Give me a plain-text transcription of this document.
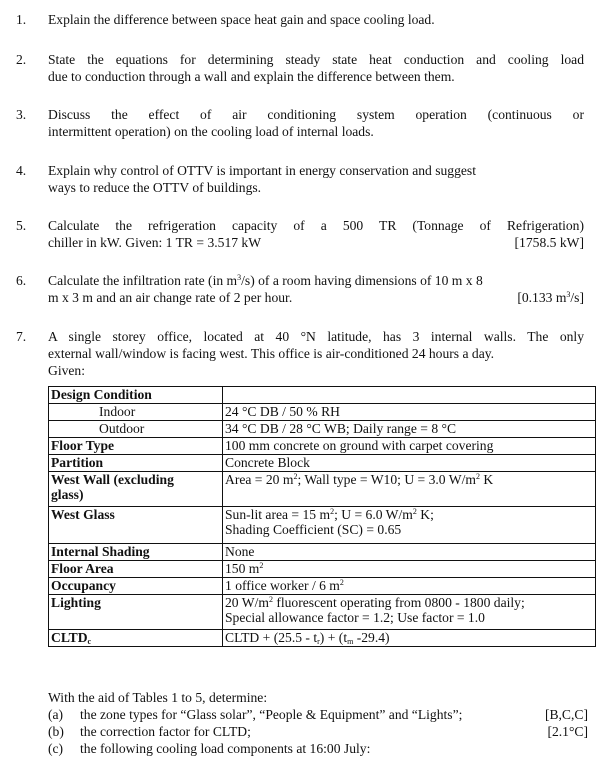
1.	Explain the difference between space heat gain and space cooling load.
2.	State the equations for determining steady state heat conduction and cooling load
due to conduction through a wall and explain the difference between them.
3.	Discuss the effect of air conditioning system operation (continuous or
intermittent operation) on the cooling load of internal loads.
4.	Explain why control of OTTV is important in energy conservation and suggest
ways to reduce the OTTV of buildings.
5.	Calculate the refrigeration capacity of a 500 TR (Tonnage of Refrigeration)
chiller in kW. Given: 1 TR = 3.517 kW	[1758.5 kW]
6.	Calculate the infiltration rate (in $m^3/s$) of a room having dimensions of 10 m x 8
m x 3 m and an air change rate of 2 per hour.	[0.133 $m^3/s$]
7.	A single storey office, located at 40 °N latitude, has 3 internal walls. The only
external wall/window is facing west. This office is air-conditioned 24 hours a day.
Given:
Design Condition	
Indoor	24 °C DB / 50 % RH
Outdoor	34 °C DB / 28 °C WB; Daily range = 8 °C
Floor Type	100 mm concrete on ground with carpet covering
Partition	Concrete Block
West Wall (excluding
glass)	Area = 20 $m^2$; Wall type = W10; U = 3.0 $W/m^2$ K
West Glass	Sun-lit area = 15 $m^2$; U = 6.0 $W/m^2$ K;
Shading Coefficient (SC) = 0.65
Internal Shading	None
Floor Area	150 $m^2$
Occupancy	1 office worker / 6 $m^2$
Lighting	20 $W/m^2$ fluorescent operating from 0800 - 1800 daily;
Special allowance factor = 1.2; Use factor = 1.0
$CLTD_c$	CLTD + $(25.5 - t_r) + (t_m$ -29.4)
With the aid of Tables 1 to 5, determine:
(a)	the zone types for “Glass solar”, “People & Equipment” and “Lights”;	[B,C,C]
(b)	the correction factor for CLTD;	[2.1°C]
(c)	the following cooling load components at 16:00 July:
